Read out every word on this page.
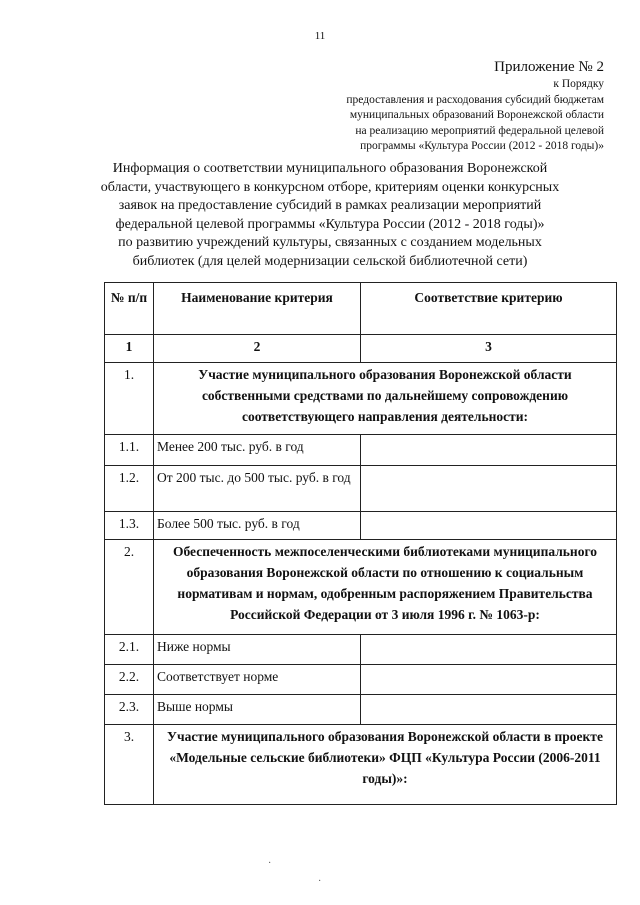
11
Приложение № 2
к Порядку
предоставления и расходования субсидий бюджетам
муниципальных образований Воронежской области
на реализацию мероприятий федеральной целевой
программы «Культура России (2012 - 2018 годы)»
Информация о соответствии муниципального образования Воронежской
области, участвующего в конкурсном отборе, критериям оценки конкурсных
заявок на предоставление субсидий в рамках реализации мероприятий
федеральной целевой программы «Культура России (2012 - 2018 годы)»
по развитию учреждений культуры, связанных с созданием модельных
библиотек (для целей модернизации сельской библиотечной сети)
№ п/п	Наименование критерия	Соответствие критерию
1	2	3
1.	Участие муниципального образования Воронежской области собственными средствами по дальнейшему сопровождению соответствующего направления деятельности:	
1.1.	Менее 200 тыс. руб. в год	
1.2.	От 200 тыс. до 500 тыс. руб. в год	
1.3.	Более 500 тыс. руб. в год	
2.	Обеспеченность межпоселенческими библиотеками муниципального образования Воронежской области по отношению к социальным нормативам и нормам, одобренным распоряжением Правительства Российской Федерации от 3 июля 1996 г. № 1063-р:	
2.1.	Ниже нормы	
2.2.	Соответствует норме	
2.3.	Выше нормы	
3.	Участие муниципального образования Воронежской области в проекте «Модельные сельские библиотеки» ФЦП «Культура России (2006-2011 годы)»:	
·
·
